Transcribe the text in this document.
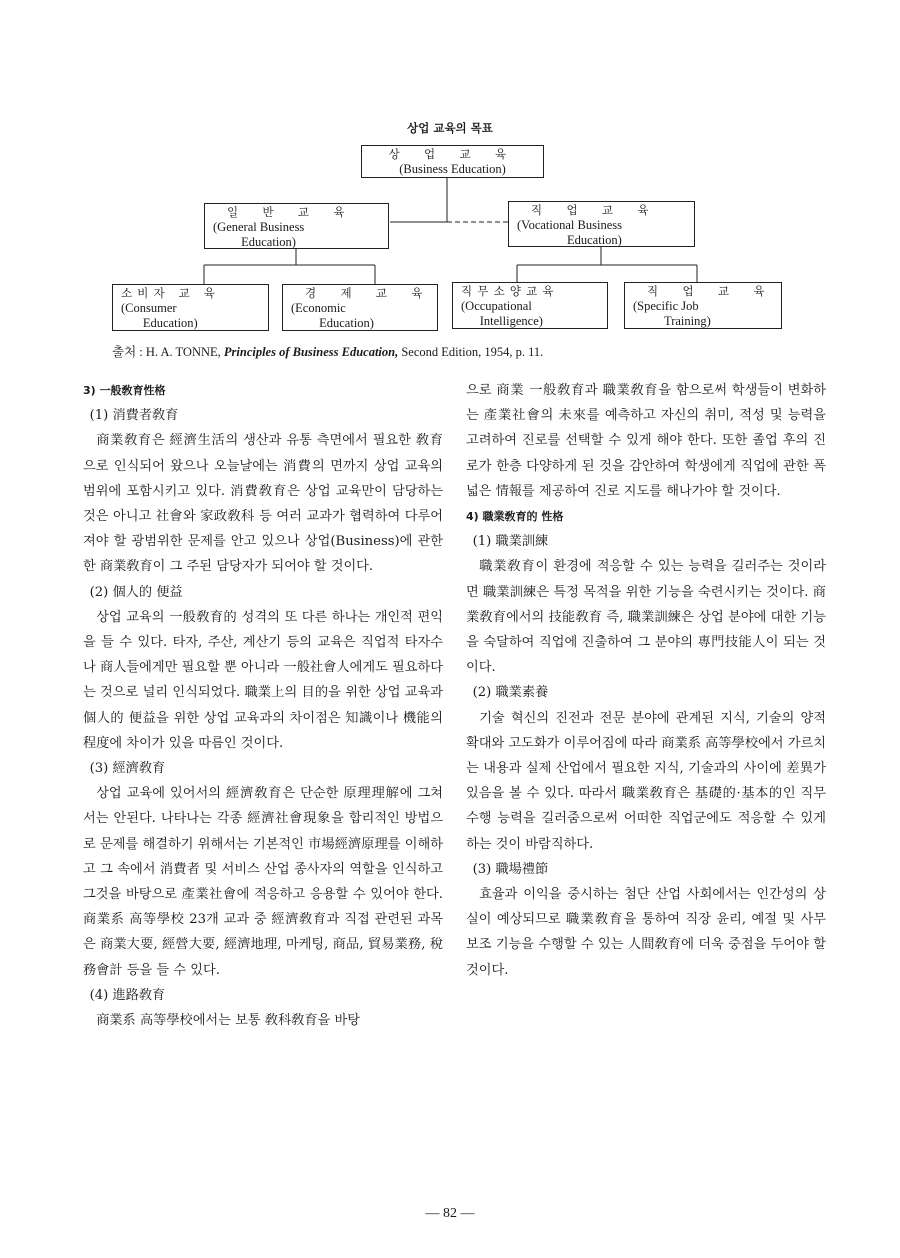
상업 교육의 목표
상 업 교 육
(Business Education)
일 반 교 육
(General Business
Education)
직 업 교 육
(Vocational Business
Education)
소비자 교 육
(Consumer
Education)
경 제 교 육
(Economic
Education)
직무소양교육
(Occupational
Intelligence)
직 업 교 육
(Specific Job
Training)
출처 : H. A. TONNE, Principles of Business Education, Second Edition, 1954, p. 11.

3) 一般敎育性格

(1) 消費者敎育

商業敎育은 經濟生活의 생산과 유통 측면에서 필요한 敎育으로 인식되어 왔으나 오늘날에는 消費의 면까지 상업 교육의 범위에 포함시키고 있다. 消費敎育은 상업 교육만이 담당하는 것은 아니고 社會와 家政敎科 등 여러 교과가 협력하여 다루어져야 할 광범위한 문제를 안고 있으나 상업(Business)에 관한 한 商業敎育이 그 주된 담당자가 되어야 할 것이다.

(2) 個人的 便益

상업 교육의 一般敎育的 성격의 또 다른 하나는 개인적 편익을 들 수 있다. 타자, 주산, 계산기 등의 교육은 직업적 타자수나 商人들에게만 필요할 뿐 아니라 一般社會人에게도 필요하다는 것으로 널리 인식되었다. 職業上의 目的을 위한 상업 교육과 個人的 便益을 위한 상업 교육과의 차이점은 知識이나 機能의 程度에 차이가 있을 따름인 것이다.

(3) 經濟敎育

상업 교육에 있어서의 經濟敎育은 단순한 原理理解에 그쳐서는 안된다. 나타나는 각종 經濟社會現象을 합리적인 방법으로 문제를 해결하기 위해서는 기본적인 市場經濟原理를 이해하고 그 속에서 消費者 및 서비스 산업 종사자의 역할을 인식하고 그것을 바탕으로 產業社會에 적응하고 응용할 수 있어야 한다. 商業系 高等學校 23개 교과 중 經濟敎育과 직접 관련된 과목은 商業大要, 經營大要, 經濟地理, 마케팅, 商品, 貿易業務, 稅務會計 등을 들 수 있다.

(4) 進路敎育

商業系 高等學校에서는 보통 敎科敎育을 바탕

으로 商業 一般敎育과 職業敎育을 함으로써 학생들이 변화하는 產業社會의 未來를 예측하고 자신의 취미, 적성 및 능력을 고려하여 진로를 선택할 수 있게 해야 한다. 또한 졸업 후의 진로가 한층 다양하게 된 것을 감안하여 학생에게 직업에 관한 폭넓은 情報를 제공하여 진로 지도를 해나가야 할 것이다.

4) 職業敎育的 性格

(1) 職業訓練

職業敎育이 환경에 적응할 수 있는 능력을 길러주는 것이라면 職業訓練은 특정 목적을 위한 기능을 숙련시키는 것이다. 商業敎育에서의 技能敎育 즉, 職業訓練은 상업 분야에 대한 기능을 숙달하여 직업에 진출하여 그 분야의 專門技能人이 되는 것이다.

(2) 職業素養

기술 혁신의 진전과 전문 분야에 관계된 지식, 기술의 양적 확대와 고도화가 이루어짐에 따라 商業系 高等學校에서 가르치는 내용과 실제 산업에서 필요한 지식, 기술과의 사이에 差異가 있음을 볼 수 있다. 따라서 職業敎育은 基礎的·基本的인 직무 수행 능력을 길러줌으로써 어떠한 직업군에도 적응할 수 있게 하는 것이 바람직하다.

(3) 職場禮節

효율과 이익을 중시하는 첨단 산업 사회에서는 인간성의 상실이 예상되므로 職業敎育을 통하여 직장 윤리, 예절 및 사무 보조 기능을 수행할 수 있는 人間敎育에 더욱 중점을 두어야 할 것이다.

— 82 —
